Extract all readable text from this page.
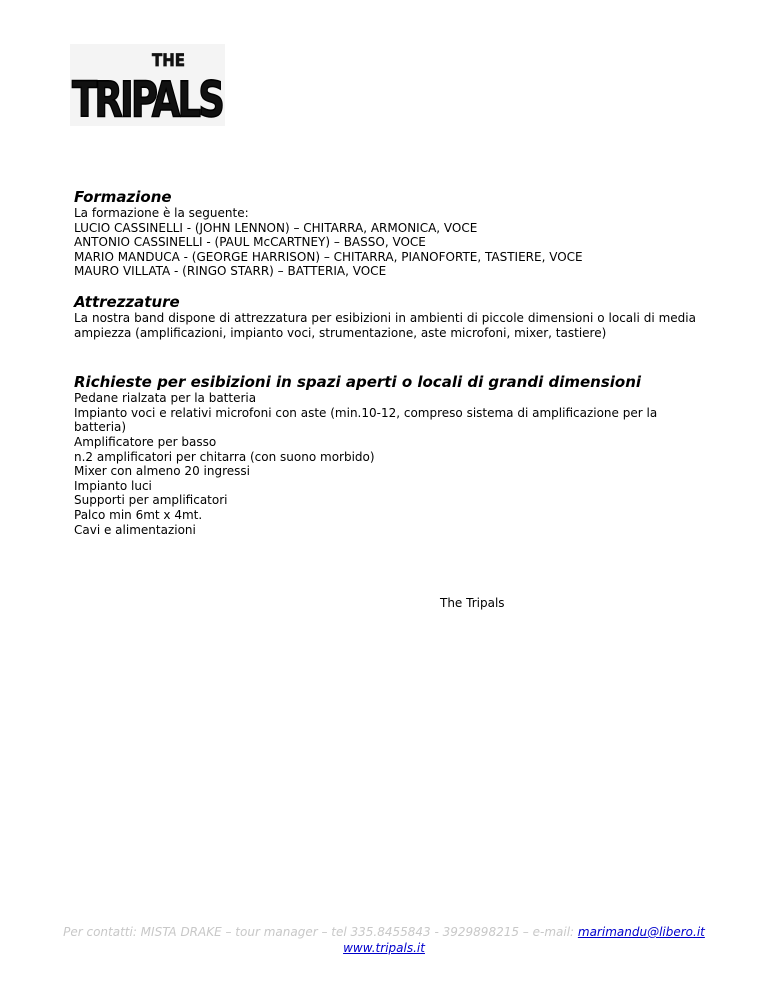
THE
TRIPALS
Formazione
La formazione è la seguente:
LUCIO CASSINELLI - (JOHN LENNON) – CHITARRA, ARMONICA, VOCE
ANTONIO CASSINELLI - (PAUL McCARTNEY) – BASSO, VOCE
MARIO MANDUCA - (GEORGE HARRISON) – CHITARRA, PIANOFORTE, TASTIERE, VOCE
MAURO VILLATA - (RINGO STARR) – BATTERIA, VOCE
Attrezzature

La nostra band dispone di attrezzatura per esibizioni in ambienti di piccole dimensioni o locali di media ampiezza (amplificazioni, impianto voci, strumentazione, aste microfoni, mixer, tastiere)

Richieste per esibizioni in spazi aperti o locali di grandi dimensioni
Pedane rialzata per la batteria
Impianto voci e relativi microfoni con aste (min.10-12, compreso sistema di amplificazione per la batteria)
Amplificatore per basso
n.2 amplificatori per chitarra (con suono morbido)
Mixer con almeno 20 ingressi
Impianto luci
Supporti per amplificatori
Palco min 6mt x 4mt.
Cavi e alimentazioni
The Tripals
Per contatti: MISTA DRAKE – tour manager – tel 335.8455843 - 3929898215 – e-mail: marimandu@libero.it
www.tripals.it
